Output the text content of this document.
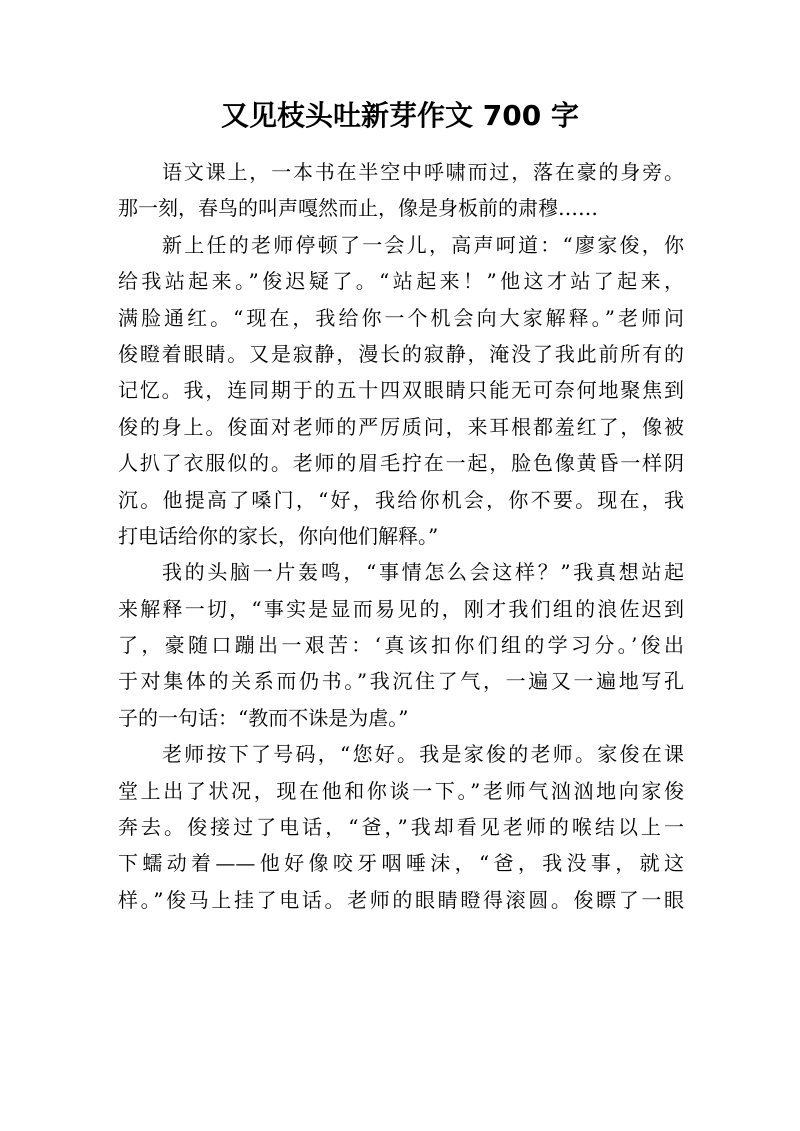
又见枝头吐新芽作文 700 字
语文课上，一本书在半空中呼啸而过，落在豪的身旁。
那一刻，春鸟的叫声嘎然而止，像是身板前的肃穆……
新上任的老师停顿了一会儿，高声呵道：“廖家俊，你
给我站起来。”俊迟疑了。“站起来！”他这才站了起来，
满脸通红。“现在，我给你一个机会向大家解释。”老师问
俊瞪着眼睛。又是寂静，漫长的寂静，淹没了我此前所有的
记忆。我，连同期于的五十四双眼睛只能无可奈何地聚焦到
俊的身上。俊面对老师的严厉质问，来耳根都羞红了，像被
人扒了衣服似的。老师的眉毛拧在一起，脸色像黄昏一样阴
沉。他提高了嗓门，“好，我给你机会，你不要。现在，我
打电话给你的家长，你向他们解释。”
我的头脑一片轰鸣，“事情怎么会这样？”我真想站起
来解释一切，“事实是显而易见的，刚才我们组的浪佐迟到
了，豪随口蹦出一艰苦：‘真该扣你们组的学习分。’俊出
于对集体的关系而仍书。”我沉住了气，一遍又一遍地写孔
子的一句话：“教而不诛是为虐。”
老师按下了号码，“您好。我是家俊的老师。家俊在课
堂上出了状况，现在他和你谈一下。”老师气汹汹地向家俊
奔去。俊接过了电话，“爸，”我却看见老师的喉结以上一
下蠕动着——他好像咬牙咽唾沫，“爸，我没事，就这
样。”俊马上挂了电话。老师的眼睛瞪得滚圆。俊瞟了一眼
